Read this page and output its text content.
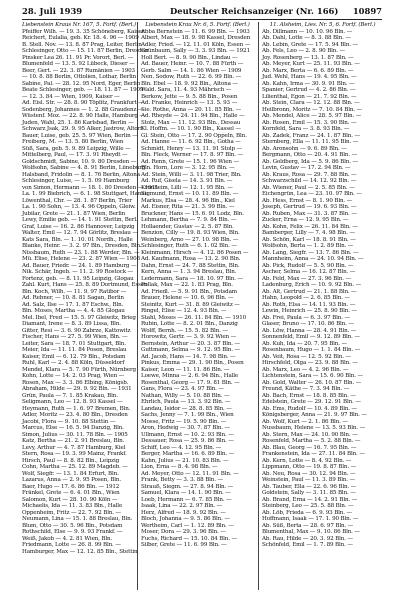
28. Juli 1939	Deutscher Reichsanzeiger (Nr. 166) 10897
Liebenstein Kraus Nr. 167, 5. Fortf. (Berl.)
Pfeiffer Wilh. — 19. 3. 35 Schöneberg, Kaiser
Reichert, Eulalia, geb. Kr. 18. 4. 96 — 1909
B. Stell. Nov. — 13. 8. 87 Prag, Leiter, Berlin
Schlesinger, Otto — 15. 11. 87 Berlin, Dresden
Pinsker Lea 26. 11. 91 Pr. Vorort, Berl. —
Blumenfeld — 13. 5. 92 Lübeck, Dieser —
Beer, Gert. — 22. 3. 87 Rumänien — 1903
— 10. 8. 88 Berlin, Ottolien, Lothar, Berlin
Sabine, Pal. — 28. 12. 95 Nord, Eger, Berlin
Beate Schlesinger, geb. — 18. 11. 87 — 1909
— 12. 3. 84 — Wien, 1909, Kaiser —
Ad. Eisl. Str. — 28. 8. 90 Töplitz, Frankfurt —
Sodenberg, Johannes — 1. 2. 88 Graudenz —
Wüstenf. Moz. — 22. 8. 90 Halle, Hamburg —
Juden, Wahl, 25. 1. 86 Karlsbad, Berlin —
Schwarz Jsak, 29. 9. 95 Alker, Jastrow, Altorf
Bauer, Luise, geb. 25. 5. 97 Wien, Berlin —
Freiberg, M. — 13. 5. 80 Berlin, Wien
Süß, Sara, geb. 5. 9. 89 Leipzig, Wille —
Mittelberg, Paul, — 17. 3. 91 Rheydt —
Goldschmidt, Sabine, 10. 9. 80 Dresden —
Wolfsohn, Sabine — 4. 8. 91 Berlin, Lüneburg
Halsband, Fridolin — 8. 1. 76 Berlin, Altona
Schlesinger, Luise, — 1. 5. 09 Hamburg
von Simon, Hermann — 18. 1. 80 Dresden — 1911
La. 1. 99 Biebrich, — 6. 1. 98 Stuttgart, Hanau
Löwenthal, Chr. — 28. 1. 87 Berlin, Trier
La. 1. 90 Sohn, — 13. 4. 96 Oppeln, Gleiw.
Jubilar, Grete — 21. 1. 87 Wien, Berlin
Lewy, Emilie geb. — 14. 1. 91 Stettin, Berl.
Graf, Luise — 16. 2. 86 Hannover, Leipzig
Walter, Emil — 12. 7. 94 Görlitz, Breslau —
Kats Sara, Bln. — 1. 10. 01 Nordh., Halle
Blanke, Heinr. — 3. 2. 97 Bln., Dresden, Bln.
Nissbaum, Ruth — 23. 1. 88 Werder, Bln. —
Mü. Elise, Helene — 23. 2. 87 Wien — 1908
Ad. Bauer, Friedr. — 24. 1. 89 Hamburg —
Nik. Schär, Ingeb. — 11. 2. 99 Rostock —
Fortenz, geb. — 8. 11. 95 Leipzig, Glogau
Zahl. Kurt, Hans — 25. 8. 89 Dortmund, Essen
Bln. Koch, Wilh. — 11. 9. 97 Ratibor —
Ad. Rebner, — 10. 8. 81 Sagan, Berlin
Ad. Salz, Ilse — 17. 1. 87 Eschw., Bln.
Bln. Moses, Martha — 4. 4. 85 Glogau
Mel. Ibel, Fred — 15. 5. 97 Gleiwitz, Brieg
Diamant, Irene — 8. 3. 89 Lissa, Bln.
Gitter, Resi — 3. 6. 90 Zabrze, Kattowitz
Fischer, Hans — 27. 5. 99 Wien, Bln. —
Leiter, Sara — 18. 7. 01 Stuttgart, Bln.
Meier, Ida — 11. 11. 84 Posen, Breslau
Kaiser, Emil — 6. 12. 79 Bln., Potsdam
Ruhl, Karl — 2. 4. 88 Köln, Düsseldorf
Mendel, Klara — 5. 7. 90 Fürth, Nürnberg
Kohn, Lotte — 14. 2. 03 Prag, Wien —
Rosen, Max — 3. 3. 86 Elbing, Königsb.
Abraham, Hilde — 29. 9. 92 Bln. — 1931
Grün, Paula — 7. 1. 85 Krakau, Bln.
Seligmann, Leo — 12. 8. 93 Kassel —
Heymann, Ruth — 1. 6. 97 Bremen, Bln.
Adler, Moritz — 23. 4. 80 Bln., Dresden
Jacobi, Flora — 9. 10. 88 Stettin —
Marcus, Else — 16. 5. 94 Danzig, Bln.
Simon, Julius — 30. 11. 78 Bln. — 1905
Katz, Bertha — 21. 2. 91 Breslau, Bln.
Levy, Arthur — 4. 7. 87 Hamburg, Kiel
Stern, Rosa — 19. 3. 99 Mainz, Frankf.
Hirsch, Paul — 8. 8. 82 Bln., Leipzig
Cohn, Martha — 25. 12. 89 Magdeb. —
Wolf, Siegfr. — 13. 1. 84 Erfurt, Bln.
Lazarus, Anna — 2. 9. 95 Posen, Bln.
Baer, Hugo — 17. 6. 86 Bln. — 1912
Fränkel, Grete — 6. 4. 01 Bln., Wien
Salomon, Kurt — 28. 10. 90 Köln —
Michaelis, Ida — 11. 3. 83 Bln., Halle
Oppenheim, Fritz — 22. 7. 92 Bln. —
Neumann, Lina — 15. 1. 88 Breslau, Bln.
Blum, Otto — 30. 5. 96 Bln., Potsdam
Rothschild, Else — 9. 9. 93 Frankf. —
Weiß, Jakob — 4. 2. 81 Wien, Bln.
Friedmann, Lotte — 26. 8. 99 Bln. —
Hamburger, Max — 12. 12. 85 Bln., Stettin
Liebenstein Krau Nr. 6, 5. Fortf. (Berl.)
Abba Bernstein — 11. 6. 99 Bln. — 1903
Albert, Max — 18. 9. 98 Kassel, Dresden
Adler, Fried. — 12. 11. 01 Köln, Essen —
Grünbaum, Sally — 3. 3. 93 Bln. — 1921
Holl Bert. — 8. 9. 90 Bln., Lindau —
Ad. Bauer, Heinr. — 10. 7. 88 Fürth —
Gerb. Salm — 14. 1. 86 Wien — 1909
Nen. Sodow, Ruth — 22. 6. 99 Bln. —
Bln. Ebel — 18. 9. 92 Bln., Altona —
Wald. Sara, 11. 4. 93 Mährisch —
Berkow, Jette — 9. 5. 88 Bln., Posen
Ad. Franke, Heinrich — 13. 5. 93 —
Sie. Rothe, Anna — 20. 11. 85 Bln. —
Ad. Rheyde — 24. 11. 94 Bln., Halle —
Stolz, Max — 11. 12. 93 Bln., Dessau
Kl. Hoffm. — 10. 1. 90 Bln., Kassel —
Gl. Stein, Otto — 17. 2. 90 Oppeln, Bln.
Ad. Hanne — 11. 6. 92 Bln., Gotha —
Schmidt, Henry — 13. 11. 91 Stolp —
Bln. Fleck, Werner — 17. 8. 97 Bln. —
Ad. Renn, Grete — 15. 1. 96 Wien —
Bln. Horn, Lore — 3. 12. 95 Bln. —
Ad. Stein, Willi — 3. 11. 98 Trier, Bln.
Ad. Ruf, Gisela — 14. 3. 91 Bln. —
Kronheim, Lilli — 12. 1. 95 Bln. —
Sigmund, Ernst — 10. 11. 89 Bln. —
Markus, Elsa — 28. 4. 96 Bln., Kiel
Ad. Eisner, Rita — 21. 3. 99 Bln. —
Bruckner, Hans — 15. 6. 91 Lodz, Bln.
Lehmann, Bertha — 7. 9. 84 Bln. —
Hollaender, Gustav — 2. 5. 87 Bln.
Benzion, Cilly — 19. 8. 93 Wien, Bln.
Weinberg, Arno — 27. 10. 98 Bln. —
Schlesinger, Ruth — 6. 1. 02 Bln. —
Kleinmann, Hirsch — 4. 12. 86 Posen —
Ad. Kaufmann, Rosa — 13. 2. 90 Bln.
Dahn, Ernst — 24. 7. 88 Stettin, Bln.
Kern, Anna — 1. 3. 94 Breslau, Bln.
Ledermann, Sara — 18. 10. 97 Bln. —
Pollak, Max — 22. 1. 83 Prag, Bln.
Ad. Friedl. — 5. 9. 91 Bln., Potsdam
Brauer, Helene — 10. 6. 96 Bln. —
Steinitz, Kurt — 31. 8. 89 Gleiwitz —
Ringel, Elise — 12. 4. 93 Bln. —
Stahl, Moses — 26. 11. 84 Bln. — 1910
Rubin, Lotte — 8. 2. 01 Bln., Danzig
Wolff, Bernh. — 15. 5. 82 Bln. —
Horowitz, Gertr. — 3. 9. 92 Wien —
Bernstein, Arthur — 20. 3. 87 Bln. —
Guttmann, Selma — 9. 12. 95 Bln. —
Ad. Jacob, Hans — 14. 7. 98 Bln. —
Pinkus, Emma — 29. 1. 90 Bln., Posen
Kaiser, Leon — 11. 11. 86 Bln. —
Loewe, Minna — 2. 6. 94 Bln., Halle
Rosenthal, Georg — 17. 9. 81 Bln. —
Gans, Flora — 23. 4. 97 Bln. —
Nathan, Willy — 5. 10. 88 Bln. —
Ehrlich, Paula — 13. 3. 92 Bln. —
Landau, Isidor — 28. 8. 85 Bln. —
Sachs, Jenny — 7. 1. 99 Bln., Wien
Mosse, Fritz — 19. 5. 90 Bln. —
Aron, Hedwig — 30. 7. 87 Bln. —
Ullmann, Ernst — 10. 2. 93 Bln. —
Dessauer, Rosa — 25. 9. 86 Bln. —
Schiff, Leo — 4. 12. 95 Bln. —
Berger, Martha — 16. 6. 89 Bln. —
Kahn, Julius — 21. 10. 83 Bln. —
Lion, Erna — 8. 4. 98 Bln. —
Ad. Meyer, Otto — 12. 11. 91 Bln. —
Frank, Betty — 3. 3. 88 Bln. —
Strauß, Siegm. — 27. 8. 94 Bln. —
Samuel, Klara — 14. 1. 90 Bln. —
Loeb, Hermann — 6. 7. 85 Bln. —
Isaak, Lina — 22. 2. 97 Bln. —
Herz, Alfred — 18. 9. 92 Bln. —
Bloch, Johanna — 9. 5. 86 Bln. —
Wertheim, Carl — 1. 12. 89 Bln. —
Moser, Dora — 29. 3. 96 Bln. —
Fuchs, Richard — 15. 10. 84 Bln. —
Silber, Grete — 11. 6. 99 Bln. —
11. Alsheim, Lies. Nr. 5, 6. Fortf. (Berl.)
Ab. Dillmann — 10. 10. 96 Bln. —
Ab. Dahl, Lotte — 8. 3. 88 Bln. —
Ab. Lebin, Grete — 17. 5. 94 Bln. —
Ab. Fels, Leo — 2. 8. 90 Bln. —
Joy. Rosenberg — 13. 1. 87 Bln. —
Ab. Meyer, Kurt — 25. 11. 93 Bln. —
Ab. Marx, Berta — 6. 6. 89 Bln. —
Jud. Wehl, Hans — 19. 4. 95 Bln. —
Ab. Kahn, Irma — 30. 9. 91 Bln. —
Spanier, Gertrud — 4. 2. 86 Bln. —
Lilienthal, Egon — 21. 7. 92 Bln. —
Ab. Stein, Clara — 12. 12. 88 Bln. —
Heilbronn, Moritz — 7. 10. 84 Bln. —
Ab. Mendel, Alice — 28. 5. 97 Bln. —
Ab. Rosen, Emil — 15. 3. 90 Bln. —
Kornfeld, Sara — 3. 8. 93 Bln. —
Ab. Zadek, Franz — 24. 1. 87 Bln. —
Sternberg, Ella — 11. 11. 95 Bln. —
Ab. Aronsohn — 9. 6. 89 Bln. —
Bergmann, Otto — 20. 4. 91 Bln. —
Ab. Goldberg, Ida — 5. 9. 86 Bln. —
Levin, Gustav — 17. 2. 94 Bln. —
Ab. Kraus, Rosa — 29. 7. 88 Bln. —
Schwarzschild — 14. 12. 92 Bln. —
Ab. Wiener, Paul — 2. 5. 85 Bln. —
Eichengrün, Lea — 23. 10. 97 Bln. —
Ab. Hess, Ernst — 8. 1. 90 Bln. —
Joseph, Gertrud — 19. 6. 93 Bln. —
Ab. Ruben, Max — 31. 3. 87 Bln. —
Zucker, Erna — 12. 9. 95 Bln. —
Ab. Kohn, Felix — 26. 11. 84 Bln. —
Bamberger, Lilly — 7. 4. 98 Bln. —
Ab. Schön, Karl — 18. 8. 91 Bln. —
Wolfsohn, Berta — 1. 2. 89 Bln. —
Ab. Lang, Siegfr. — 13. 7. 86 Bln. —
Mannheim, Anna — 24. 10. 94 Bln. —
Ab. Pick, Rudolf — 5. 5. 90 Bln. —
Ascher, Selma — 16. 12. 87 Bln. —
Ab. Feld, Max — 27. 3. 96 Bln. —
Ladenburg, Erich — 10. 9. 92 Bln. —
Ab. Alt, Gertrud — 21. 1. 88 Bln. —
Hahn, Leopold — 2. 6. 85 Bln. —
Ab. Roth, Elsa — 14. 11. 93 Bln. —
Lewin, Heinrich — 25. 8. 90 Bln. —
Ab. Frei, Paula — 6. 3. 97 Bln. —
Glaser, Bruno — 17. 10. 86 Bln. —
Ab. Löw, Hanna — 28. 4. 91 Bln. —
Sonnenfeld, Emil — 9. 12. 89 Bln. —
Ab. Kuh, Ida — 20. 7. 95 Bln. —
Rosenbaum, Hugo — 1. 1. 84 Bln. —
Ab. Veit, Rosa — 12. 5. 92 Bln. —
Hirschfeld, Olga — 23. 9. 88 Bln. —
Ab. Marx, Leo — 4. 2. 96 Bln. —
Lichtenstein, Sara — 15. 6. 90 Bln. —
Ab. Gold, Walter — 26. 10. 87 Bln. —
Freund, Käthe — 7. 3. 94 Bln. —
Ab. Bach, Ernst — 18. 8. 85 Bln. —
Edelstein, Grete — 29. 12. 91 Bln. —
Ab. Ems, Rudolf — 10. 4. 89 Bln. —
Königsberger, Anna — 21. 9. 97 Bln. —
Ab. Wolf, Kurt — 2. 1. 86 Bln. —
Nussbaum, Helene — 13. 5. 93 Bln. —
Ab. Stern, Max — 24. 10. 90 Bln. —
Rosenfeld, Martha — 5. 2. 88 Bln. —
Ab. Blau, Georg — 16. 7. 95 Bln. —
Frankenstein, Ida — 27. 11. 84 Bln. —
Ab. Kern, Lotte — 8. 4. 92 Bln. —
Lippmann, Otto — 19. 8. 87 Bln. —
Ab. Neu, Rosa — 30. 12. 94 Bln. —
Weinstein, Paul — 11. 3. 89 Bln. —
Ab. Tauber, Ella — 22. 6. 96 Bln. —
Goldstein, Sally — 3. 11. 85 Bln. —
Ab. Brand, Erna — 14. 2. 91 Bln. —
Steinberg, Leo — 25. 5. 88 Bln. —
Ab. Löb, Frieda — 6. 9. 93 Bln. —
Hoffmann, Isaak — 17. 1. 90 Bln. —
Ab. Süß, Berta — 28. 6. 97 Bln. —
Blumenthal, Max — 9. 10. 86 Bln. —
Ab. Rau, Hilde — 20. 3. 92 Bln. —
Schönfeld, Emil — 1. 7. 89 Bln. —
